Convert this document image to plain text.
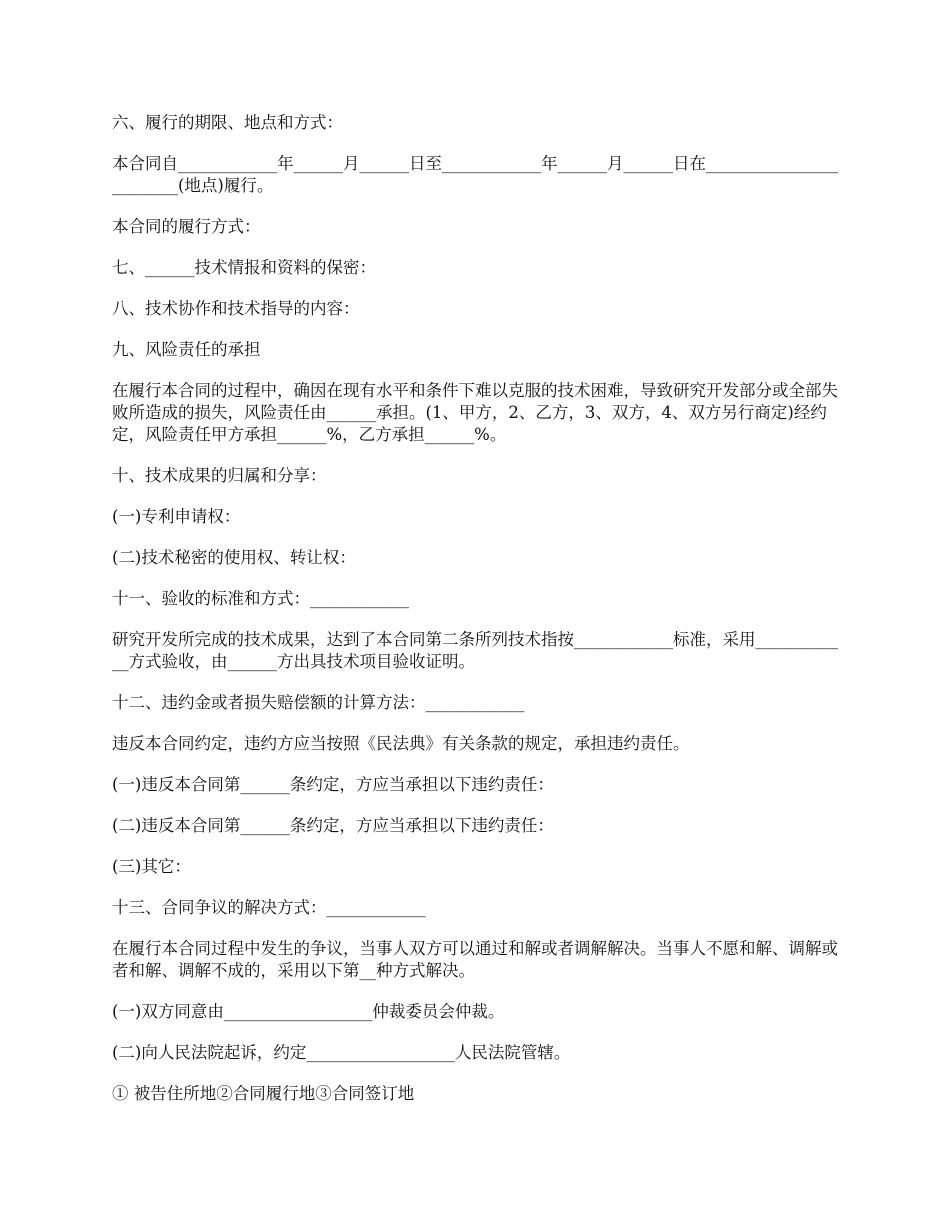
六、履行的期限、地点和方式：

本合同自____________年______月______日至____________年______月______日在________________________(地点)履行。

本合同的履行方式：

七、______技术情报和资料的保密：

八、技术协作和技术指导的内容：

九、风险责任的承担

在履行本合同的过程中，确因在现有水平和条件下难以克服的技术困难，导致研究开发部分或全部失败所造成的损失，风险责任由______承担。(1、甲方，2、乙方，3、双方，4、双方另行商定)经约定，风险责任甲方承担______%，乙方承担______%。

十、技术成果的归属和分享：

(一)专利申请权：

(二)技术秘密的使用权、转让权：

十一、验收的标准和方式：____________

研究开发所完成的技术成果，达到了本合同第二条所列技术指按____________标准，采用____________方式验收，由______方出具技术项目验收证明。

十二、违约金或者损失赔偿额的计算方法：____________

违反本合同约定，违约方应当按照《民法典》有关条款的规定，承担违约责任。

(一)违反本合同第______条约定，方应当承担以下违约责任：

(二)违反本合同第______条约定，方应当承担以下违约责任：

(三)其它：

十三、合同争议的解决方式：____________

在履行本合同过程中发生的争议，当事人双方可以通过和解或者调解解决。当事人不愿和解、调解或者和解、调解不成的，采用以下第__种方式解决。

(一)双方同意由__________________仲裁委员会仲裁。

(二)向人民法院起诉，约定__________________人民法院管辖。

① 被告住所地②合同履行地③合同签订地
